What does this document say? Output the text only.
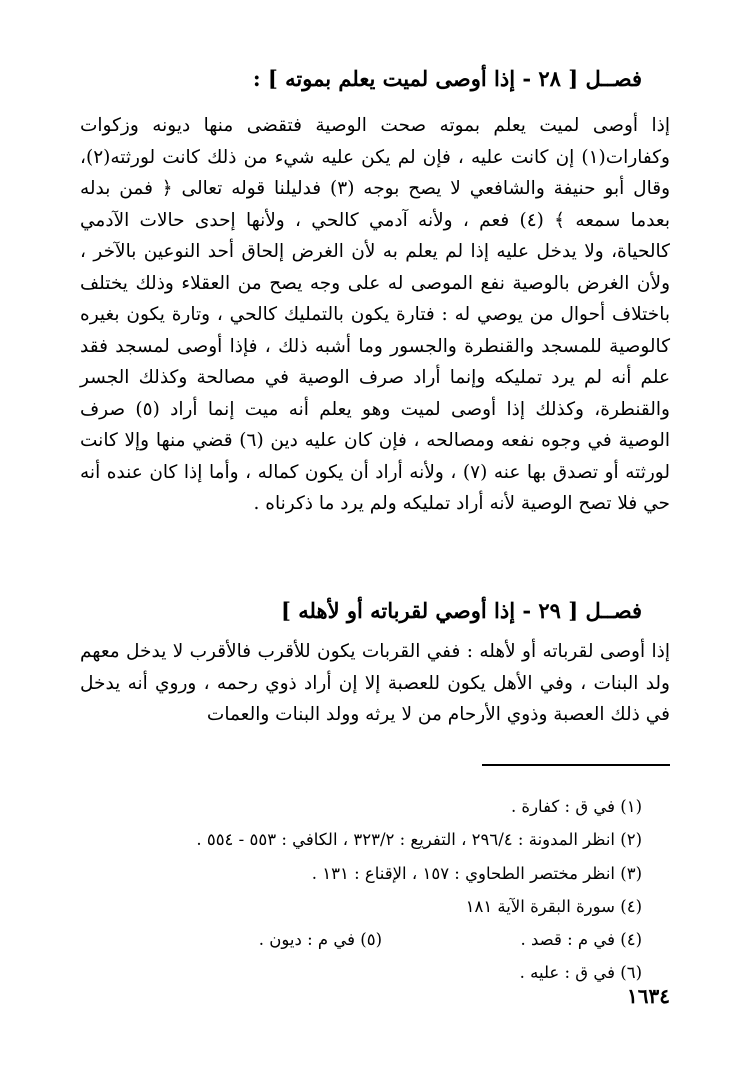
فصــل [ ٢٨ - إذا أوصى لميت يعلم بموته ] :
إذا أوصى لميت يعلم بموته صحت الوصية فتقضى منها ديونه وزكوات وكفارات(١) إن كانت عليه ، فإن لم يكن عليه شيء من ذلك كانت لورثته(٢)، وقال أبو حنيفة والشافعي لا يصح بوجه (٣) فدليلنا قوله تعالى ﴿ فمن بدله بعدما سمعه ﴾ (٤) فعم ، ولأنه آدمي كالحي ، ولأنها إحدى حالات الآدمي كالحياة، ولا يدخل عليه إذا لم يعلم به لأن الغرض إلحاق أحد النوعين بالآخر ، ولأن الغرض بالوصية نفع الموصى له على وجه يصح من العقلاء وذلك يختلف باختلاف أحوال من يوصي له : فتارة يكون بالتمليك كالحي ، وتارة يكون بغيره كالوصية للمسجد والقنطرة والجسور وما أشبه ذلك ، فإذا أوصى لمسجد فقد علم أنه لم يرد تمليكه وإنما أراد صرف الوصية في مصالحة وكذلك الجسر والقنطرة، وكذلك إذا أوصى لميت وهو يعلم أنه ميت إنما أراد (٥) صرف الوصية في وجوه نفعه ومصالحه ، فإن كان عليه دين (٦) قضي منها وإلا كانت لورثته أو تصدق بها عنه (٧) ، ولأنه أراد أن يكون كماله ، وأما إذا كان عنده أنه حي فلا تصح الوصية لأنه أراد تمليكه ولم يرد ما ذكرناه .
فصــل [ ٢٩ - إذا أوصي لقرباته أو لأهله ]
إذا أوصى لقرباته أو لأهله : ففي القربات يكون للأقرب فالأقرب لا يدخل معهم ولد البنات ، وفي الأهل يكون للعصبة إلا إن أراد ذوي رحمه ، وروي أنه يدخل في ذلك العصبة وذوي الأرحام من لا يرثه وولد البنات والعمات
(١) في ق : كفارة .
(٢) انظر المدونة : ٢٩٦/٤ ، التفريع : ٣٢٣/٢ ، الكافي : ٥٥٣ - ٥٥٤ .
(٣) انظر مختصر الطحاوي : ١٥٧ ، الإقناع : ١٣١ .
(٤) سورة البقرة الآية ١٨١
(٤) في م : قصد .
(٥) في م : ديون .
(٦) في ق : عليه .
١٦٣٤
